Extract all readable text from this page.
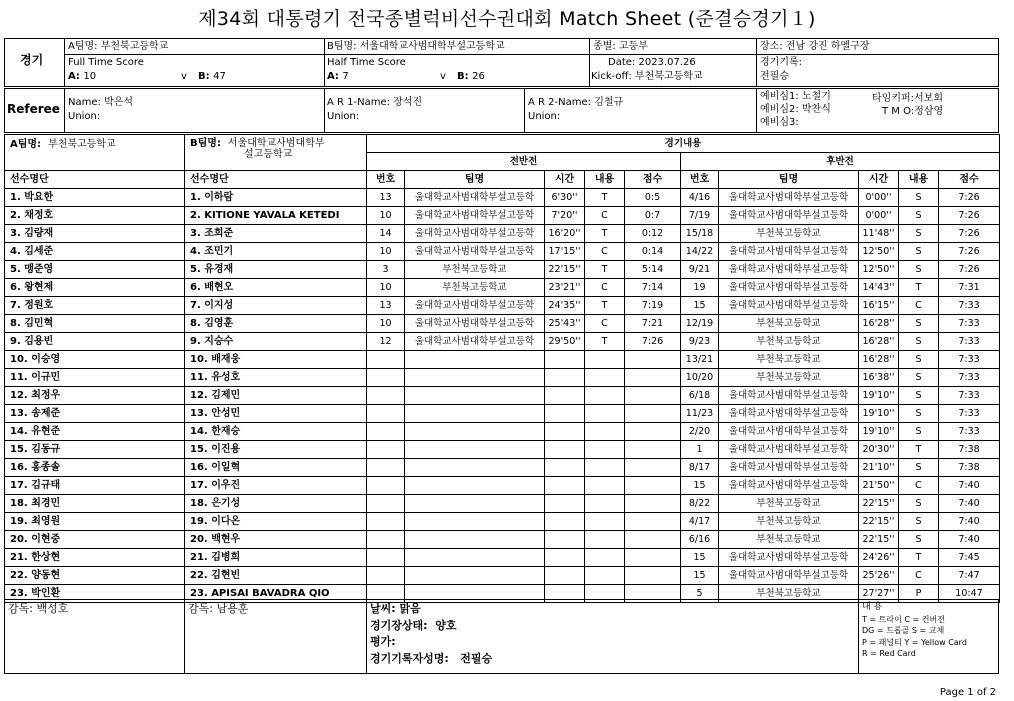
제34회 대통령기 전국종별럭비선수권대회 Match Sheet (준결승경기１)
경기
A팀명: 부천북고등학교	B팀명: 서울대학교사범대학부설고등학교	종별: 고등부	장소: 전남 강진 하멜구장
Full Time Score
A: 10	v B: 47
Half Time Score
A: 7	v B: 26
Date: 2023.07.26
Kick-off: 부천북고등학교
경기기록:
전필승
Referee Name: 박은석
Union:
A R 1-Name: 장석진
Union:
A R 2-Name: 김철규
Union:
예비심1: 노철기
예비심2: 박찬식
예비심3:
타임키퍼:서보회
T M O:정삼영
A팀명: 부천북고등학교	B팀명: 서울대학교사범대학부
설고등학교	경기내용									
		전반전					후반전				
선수명단	선수명단	번호	팀명	시간	내용	점수	번호	팀명	시간	내용	점수
1. 박요한	1. 이하람	13	울대학교사범대학부설고등학	6'30''	T	0:5	4/16	울대학교사범대학부설고등학	0'00''	S	7:26
2. 채정호	2. KITIONE YAVALA KETEDI	10	울대학교사범대학부설고등학	7'20''	C	0:7	7/19	울대학교사범대학부설고등학	0'00''	S	7:26
3. 김량재	3. 조희준	14	울대학교사범대학부설고등학	16'20''	T	0:12	15/18	부천북고등학교	11'48''	S	7:26
4. 김세준	4. 조민기	10	울대학교사범대학부설고등학	17'15''	C	0:14	14/22	울대학교사범대학부설고등학	12'50''	S	7:26
5. 맹준영	5. 유경재	3	부천북고등학교	22'15''	T	5:14	9/21	울대학교사범대학부설고등학	12'50''	S	7:26
6. 왕현제	6. 배현오	10	부천북고등학교	23'21''	C	7:14	19	울대학교사범대학부설고등학	14'43''	T	7:31
7. 정원호	7. 이지성	13	울대학교사범대학부설고등학	24'35''	T	7:19	15	울대학교사범대학부설고등학	16'15''	C	7:33
8. 김민혁	8. 김영훈	10	울대학교사범대학부설고등학	25'43''	C	7:21	12/19	부천북고등학교	16'28''	S	7:33
9. 김용빈	9. 지승수	12	울대학교사범대학부설고등학	29'50''	T	7:26	9/23	부천북고등학교	16'28''	S	7:33
10. 이승영	10. 배재웅						13/21	부천북고등학교	16'28''	S	7:33
11. 이규민	11. 유성호						10/20	부천북고등학교	16'38''	S	7:33
12. 최정우	12. 김제민						6/18	울대학교사범대학부설고등학	19'10''	S	7:33
13. 송제준	13. 안성민						11/23	울대학교사범대학부설고등학	19'10''	S	7:33
14. 유현준	14. 한재승						2/20	울대학교사범대학부설고등학	19'10''	S	7:33
15. 김동규	15. 이진용						1	울대학교사범대학부설고등학	20'30''	T	7:38
16. 홍종솔	16. 이일혁						8/17	울대학교사범대학부설고등학	21'10''	S	7:38
17. 김규태	17. 이우진						15	울대학교사범대학부설고등학	21'50''	C	7:40
18. 최경민	18. 은기성						8/22	부천북고등학교	22'15''	S	7:40
19. 최영원	19. 이다온						4/17	부천북고등학교	22'15''	S	7:40
20. 이현중	20. 백현우						6/16	부천북고등학교	22'15''	S	7:40
21. 한상현	21. 김병희						15	울대학교사범대학부설고등학	24'26''	T	7:45
22. 양동현	22. 김현빈						15	울대학교사범대학부설고등학	25'26''	C	7:47
23. 박인환	23. APISAI BAVADRA QIO						5	부천북고등학교	27'27''	P	10:47
감독: 백성호	감독: 남용훈	날씨: 맑음
경기장상태: 양호
평가:
경기기록자성명: 전필승
내 용
T = 트라이 C = 컨버젼
DG = 드롭골 S = 교체
P = 패널티 Y = Yellow Card
R = Red Card
Page 1 of 2
